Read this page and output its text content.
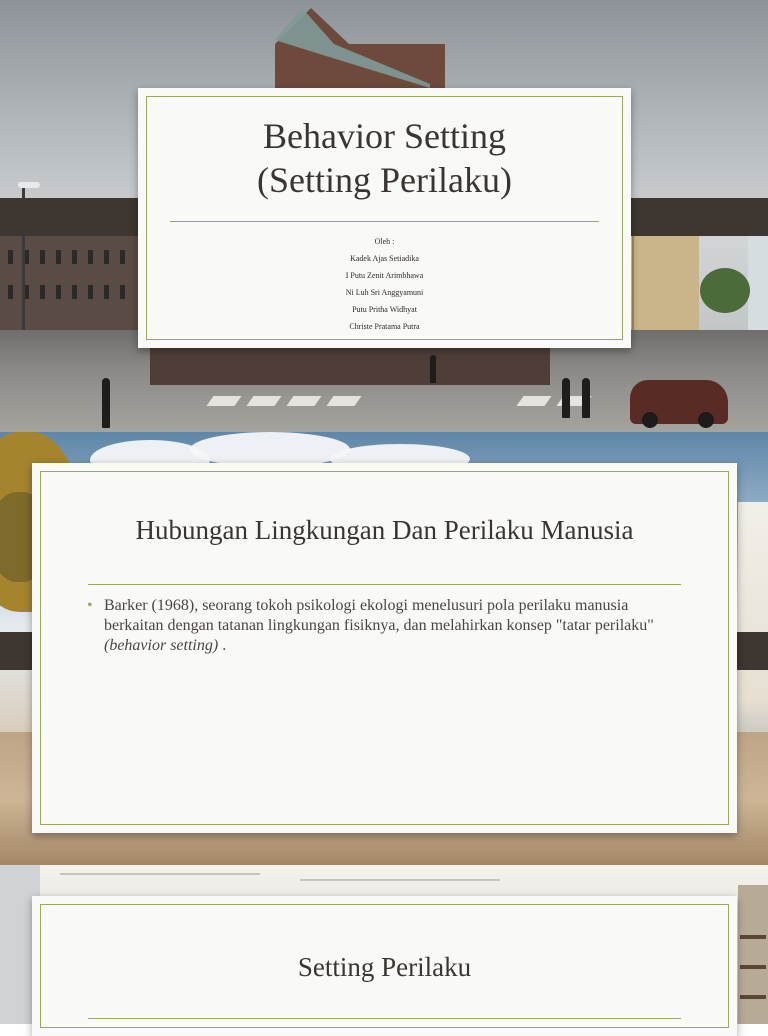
Behavior Setting
(Setting Perilaku)
Oleh :
Kadek Ajas Setiadika
I Putu Zenit Arimbhawa
Ni Luh Sri Anggyamuni
Putu Pritha Widhyat
Christe Pratama Putra
Hubungan Lingkungan Dan Perilaku Manusia
• Barker (1968), seorang tokoh psikologi ekologi menelusuri pola perilaku manusia berkaitan dengan tatanan lingkungan fisiknya, dan melahirkan konsep "tatar perilaku" (behavior setting) .
Setting Perilaku
